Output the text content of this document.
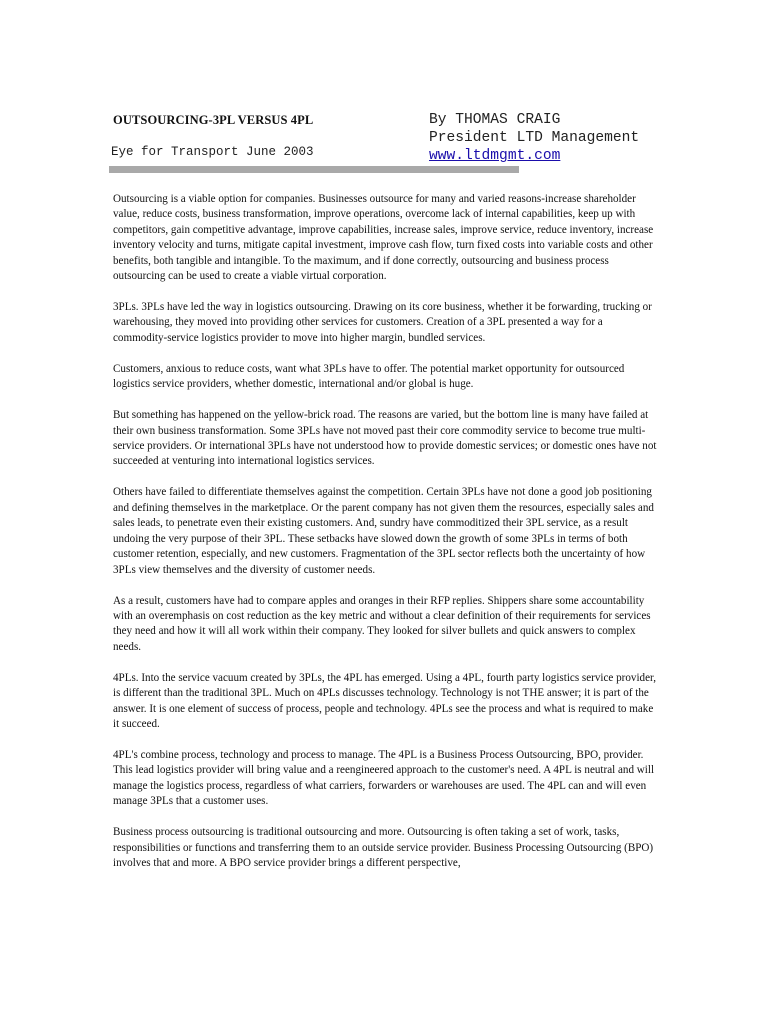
OUTSOURCING-3PL VERSUS 4PL
Eye for Transport June 2003
By THOMAS CRAIG
President LTD Management
www.ltdmgmt.com

Outsourcing is a viable option for companies. Businesses outsource for many and varied reasons-increase shareholder value, reduce costs, business transformation, improve operations, overcome lack of internal capabilities, keep up with competitors, gain competitive advantage, improve capabilities, increase sales, improve service, reduce inventory, increase inventory velocity and turns, mitigate capital investment, improve cash flow, turn fixed costs into variable costs and other benefits, both tangible and intangible. To the maximum, and if done correctly, outsourcing and business process outsourcing can be used to create a viable virtual corporation.

3PLs. 3PLs have led the way in logistics outsourcing. Drawing on its core business, whether it be forwarding, trucking or warehousing, they moved into providing other services for customers. Creation of a 3PL presented a way for a commodity-service logistics provider to move into higher margin, bundled services.

Customers, anxious to reduce costs, want what 3PLs have to offer. The potential market opportunity for outsourced logistics service providers, whether domestic, international and/or global is huge.

But something has happened on the yellow-brick road. The reasons are varied, but the bottom line is many have failed at their own business transformation. Some 3PLs have not moved past their core commodity service to become true multi-service providers. Or international 3PLs have not understood how to provide domestic services; or domestic ones have not succeeded at venturing into international logistics services.

Others have failed to differentiate themselves against the competition. Certain 3PLs have not done a good job positioning and defining themselves in the marketplace. Or the parent company has not given them the resources, especially sales and sales leads, to penetrate even their existing customers. And, sundry have commoditized their 3PL service, as a result undoing the very purpose of their 3PL. These setbacks have slowed down the growth of some 3PLs in terms of both customer retention, especially, and new customers. Fragmentation of the 3PL sector reflects both the uncertainty of how 3PLs view themselves and the diversity of customer needs.

As a result, customers have had to compare apples and oranges in their RFP replies. Shippers share some accountability with an overemphasis on cost reduction as the key metric and without a clear definition of their requirements for services they need and how it will all work within their company. They looked for silver bullets and quick answers to complex needs.

4PLs. Into the service vacuum created by 3PLs, the 4PL has emerged. Using a 4PL, fourth party logistics service provider, is different than the traditional 3PL. Much on 4PLs discusses technology. Technology is not THE answer; it is part of the answer. It is one element of success of process, people and technology. 4PLs see the process and what is required to make it succeed.

4PL's combine process, technology and process to manage. The 4PL is a Business Process Outsourcing, BPO, provider. This lead logistics provider will bring value and a reengineered approach to the customer's need. A 4PL is neutral and will manage the logistics process, regardless of what carriers, forwarders or warehouses are used. The 4PL can and will even manage 3PLs that a customer uses.

Business process outsourcing is traditional outsourcing and more. Outsourcing is often taking a set of work, tasks, responsibilities or functions and transferring them to an outside service provider. Business Processing Outsourcing (BPO) involves that and more. A BPO service provider brings a different perspective,
